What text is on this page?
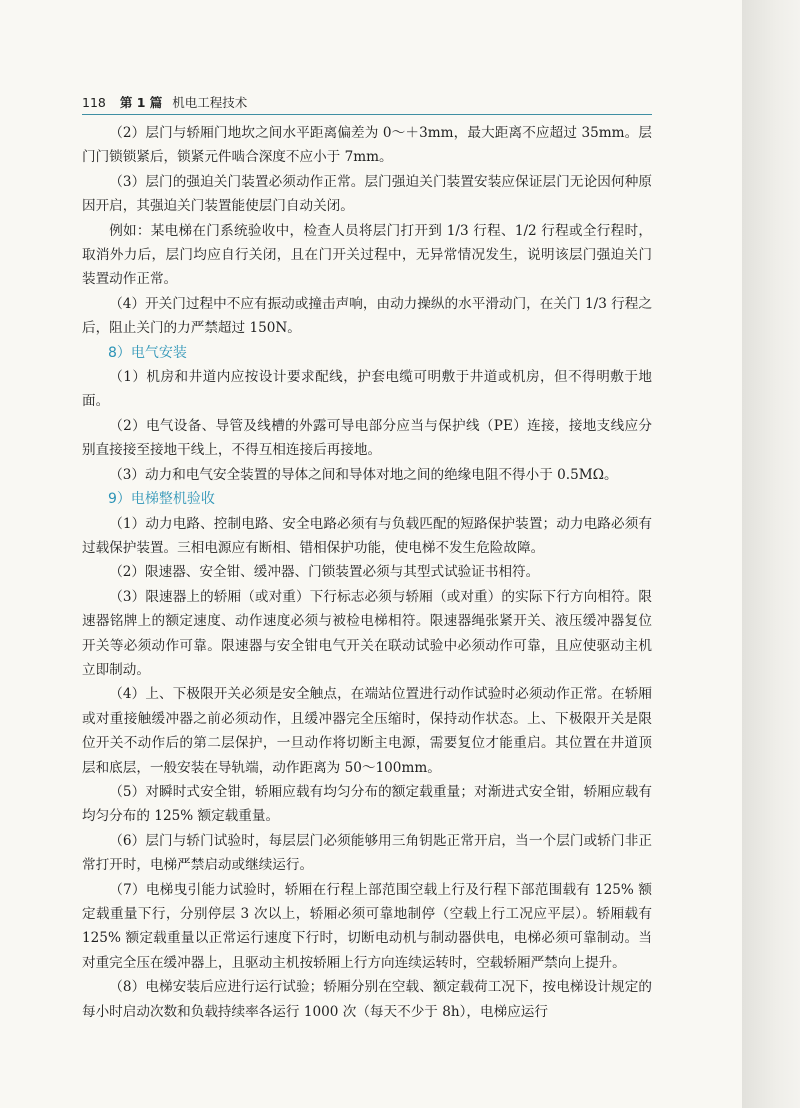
118 第 1 篇 机电工程技术

（2）层门与轿厢门地坎之间水平距离偏差为 0～＋3mm，最大距离不应超过 35mm。层门门锁锁紧后，锁紧元件啮合深度不应小于 7mm。

（3）层门的强迫关门装置必须动作正常。层门强迫关门装置安装应保证层门无论因何种原因开启，其强迫关门装置能使层门自动关闭。

例如：某电梯在门系统验收中，检查人员将层门打开到 1/3 行程、1/2 行程或全行程时，取消外力后，层门均应自行关闭，且在门开关过程中，无异常情况发生，说明该层门强迫关门装置动作正常。

（4）开关门过程中不应有振动或撞击声响，由动力操纵的水平滑动门，在关门 1/3 行程之后，阻止关门的力严禁超过 150N。

8）电气安装

（1）机房和井道内应按设计要求配线，护套电缆可明敷于井道或机房，但不得明敷于地面。

（2）电气设备、导管及线槽的外露可导电部分应当与保护线（PE）连接，接地支线应分别直接接至接地干线上，不得互相连接后再接地。

（3）动力和电气安全装置的导体之间和导体对地之间的绝缘电阻不得小于 0.5MΩ。

9）电梯整机验收

（1）动力电路、控制电路、安全电路必须有与负载匹配的短路保护装置；动力电路必须有过载保护装置。三相电源应有断相、错相保护功能，使电梯不发生危险故障。

（2）限速器、安全钳、缓冲器、门锁装置必须与其型式试验证书相符。

（3）限速器上的轿厢（或对重）下行标志必须与轿厢（或对重）的实际下行方向相符。限速器铭牌上的额定速度、动作速度必须与被检电梯相符。限速器绳张紧开关、液压缓冲器复位开关等必须动作可靠。限速器与安全钳电气开关在联动试验中必须动作可靠，且应使驱动主机立即制动。

（4）上、下极限开关必须是安全触点，在端站位置进行动作试验时必须动作正常。在轿厢或对重接触缓冲器之前必须动作，且缓冲器完全压缩时，保持动作状态。上、下极限开关是限位开关不动作后的第二层保护，一旦动作将切断主电源，需要复位才能重启。其位置在井道顶层和底层，一般安装在导轨端，动作距离为 50～100mm。

（5）对瞬时式安全钳，轿厢应载有均匀分布的额定载重量；对渐进式安全钳，轿厢应载有均匀分布的 125% 额定载重量。

（6）层门与轿门试验时，每层层门必须能够用三角钥匙正常开启，当一个层门或轿门非正常打开时，电梯严禁启动或继续运行。

（7）电梯曳引能力试验时，轿厢在行程上部范围空载上行及行程下部范围载有 125% 额定载重量下行，分别停层 3 次以上，轿厢必须可靠地制停（空载上行工况应平层）。轿厢载有 125% 额定载重量以正常运行速度下行时，切断电动机与制动器供电，电梯必须可靠制动。当对重完全压在缓冲器上，且驱动主机按轿厢上行方向连续运转时，空载轿厢严禁向上提升。

（8）电梯安装后应进行运行试验；轿厢分别在空载、额定载荷工况下，按电梯设计规定的每小时启动次数和负载持续率各运行 1000 次（每天不少于 8h），电梯应运行
